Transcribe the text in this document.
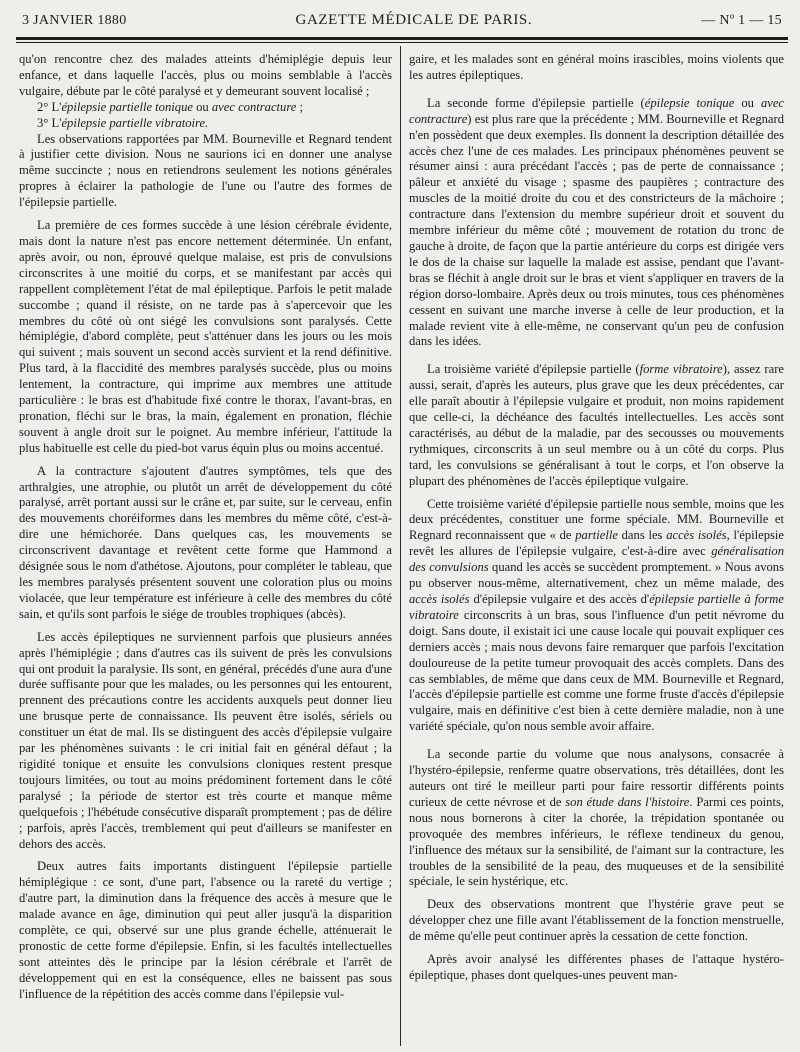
3 JANVIER 1880	GAZETTE MÉDICALE DE PARIS.	— Nº 1 — 15

qu'on rencontre chez des malades atteints d'hémiplégie depuis leur enfance, et dans laquelle l'accès, plus ou moins semblable à l'accès vulgaire, débute par le côté paralysé et y demeurant souvent localisé ;

2° L'épilepsie partielle tonique ou avec contracture ;

3° L'épilepsie partielle vibratoire.

Les observations rapportées par MM. Bourneville et Regnard tendent à justifier cette division. Nous ne saurions ici en donner une analyse même succincte ; nous en retiendrons seulement les notions générales propres à éclairer la pathologie de l'une ou l'autre des formes de l'épilepsie partielle.

La première de ces formes succède à une lésion cérébrale évidente, mais dont la nature n'est pas encore nettement déterminée. Un enfant, après avoir, ou non, éprouvé quelque malaise, est pris de convulsions circonscrites à une moitié du corps, et se manifestant par accès qui rappellent complètement l'état de mal épileptique. Parfois le petit malade succombe ; quand il résiste, on ne tarde pas à s'apercevoir que les membres du côté où ont siégé les convulsions sont paralysés. Cette hémiplégie, d'abord complète, peut s'atténuer dans les jours ou les mois qui suivent ; mais souvent un second accès survient et la rend définitive. Plus tard, à la flaccidité des membres paralysés succède, plus ou moins lentement, la contracture, qui imprime aux membres une attitude particulière : le bras est d'habitude fixé contre le thorax, l'avant-bras, en pronation, fléchi sur le bras, la main, également en pronation, fléchie souvent à angle droit sur le poignet. Au membre inférieur, l'attitude la plus habituelle est celle du pied-bot varus équin plus ou moins accentué.

A la contracture s'ajoutent d'autres symptômes, tels que des arthralgies, une atrophie, ou plutôt un arrêt de développement du côté paralysé, arrêt portant aussi sur le crâne et, par suite, sur le cerveau, enfin des mouvements choréiformes dans les membres du même côté, c'est-à-dire une hémichorée. Dans quelques cas, les mouvements se circonscrivent davantage et revêtent cette forme que Hammond a désignée sous le nom d'athétose. Ajoutons, pour compléter le tableau, que les membres paralysés présentent souvent une coloration plus ou moins violacée, que leur température est inférieure à celle des membres du côté sain, et qu'ils sont parfois le siége de troubles trophiques (abcès).

Les accès épileptiques ne surviennent parfois que plusieurs années après l'hémiplégie ; dans d'autres cas ils suivent de près les convulsions qui ont produit la paralysie. Ils sont, en général, précédés d'une aura d'une durée suffisante pour que les malades, ou les personnes qui les entourent, prennent des précautions contre les accidents auxquels peut donner lieu une brusque perte de connaissance. Ils peuvent être isolés, sériels ou constituer un état de mal. Ils se distinguent des accès d'épilepsie vulgaire par les phénomènes suivants : le cri initial fait en général défaut ; la rigidité tonique et ensuite les convulsions cloniques restent presque toujours limitées, ou tout au moins prédominent fortement dans le côté paralysé ; la période de stertor est très courte et manque même quelquefois ; l'hébétude consécutive disparaît promptement ; pas de délire ; parfois, après l'accès, tremblement qui peut d'ailleurs se manifester en dehors des accès.

Deux autres faits importants distinguent l'épilepsie partielle hémiplégique : ce sont, d'une part, l'absence ou la rareté du vertige ; d'autre part, la diminution dans la fréquence des accès à mesure que le malade avance en âge, diminution qui peut aller jusqu'à la disparition complète, ce qui, observé sur une plus grande échelle, atténuerait le pronostic de cette forme d'épilepsie. Enfin, si les facultés intellectuelles sont atteintes dès le principe par la lésion cérébrale et l'arrêt de développement qui en est la conséquence, elles ne baissent pas sous l'influence de la répétition des accès comme dans l'épilepsie vul-

gaire, et les malades sont en général moins irascibles, moins violents que les autres épileptiques.

La seconde forme d'épilepsie partielle (épilepsie tonique ou avec contracture) est plus rare que la précédente ; MM. Bourneville et Regnard n'en possèdent que deux exemples. Ils donnent la description détaillée des accès chez l'une de ces malades. Les principaux phénomènes peuvent se résumer ainsi : aura précédant l'accès ; pas de perte de connaissance ; pâleur et anxiété du visage ; spasme des paupières ; contracture des muscles de la moitié droite du cou et des constricteurs de la mâchoire ; contracture dans l'extension du membre supérieur droit et souvent du membre inférieur du même côté ; mouvement de rotation du tronc de gauche à droite, de façon que la partie antérieure du corps est dirigée vers le dos de la chaise sur laquelle la malade est assise, pendant que l'avant-bras se fléchit à angle droit sur le bras et vient s'appliquer en travers de la région dorso-lombaire. Après deux ou trois minutes, tous ces phénomènes cessent en suivant une marche inverse à celle de leur production, et la malade revient vite à elle-même, ne conservant qu'un peu de confusion dans les idées.

La troisième variété d'épilepsie partielle (forme vibratoire), assez rare aussi, serait, d'après les auteurs, plus grave que les deux précédentes, car elle paraît aboutir à l'épilepsie vulgaire et produit, non moins rapidement que celle-ci, la déchéance des facultés intellectuelles. Les accès sont caractérisés, au début de la maladie, par des secousses ou mouvements rythmiques, circonscrits à un seul membre ou à un côté du corps. Plus tard, les convulsions se généralisant à tout le corps, et l'on observe la plupart des phénomènes de l'accès épileptique vulgaire.

Cette troisième variété d'épilepsie partielle nous semble, moins que les deux précédentes, constituer une forme spéciale. MM. Bourneville et Regnard reconnaissent que « de partielle dans les accès isolés, l'épilepsie revêt les allures de l'épilepsie vulgaire, c'est-à-dire avec généralisation des convulsions quand les accès se succèdent promptement. » Nous avons pu observer nous-même, alternativement, chez un même malade, des accès isolés d'épilepsie vulgaire et des accès d'épilepsie partielle à forme vibratoire circonscrits à un bras, sous l'influence d'un petit névrome du doigt. Sans doute, il existait ici une cause locale qui pouvait expliquer ces derniers accès ; mais nous devons faire remarquer que parfois l'excitation douloureuse de la petite tumeur provoquait des accès complets. Dans des cas semblables, de même que dans ceux de MM. Bourneville et Regnard, l'accès d'épilepsie partielle est comme une forme fruste d'accès d'épilepsie vulgaire, mais en définitive c'est bien à cette dernière maladie, non à une variété spéciale, qu'on nous semble avoir affaire.

La seconde partie du volume que nous analysons, consacrée à l'hystéro-épilepsie, renferme quatre observations, très détaillées, dont les auteurs ont tiré le meilleur parti pour faire ressortir différents points curieux de cette névrose et de son étude dans l'histoire. Parmi ces points, nous nous bornerons à citer la chorée, la trépidation spontanée ou provoquée des membres inférieurs, le réflexe tendineux du genou, l'influence des métaux sur la sensibilité, de l'aimant sur la contracture, les troubles de la sensibilité de la peau, des muqueuses et de la sensibilité spéciale, le sein hystérique, etc.

Deux des observations montrent que l'hystérie grave peut se développer chez une fille avant l'établissement de la fonction menstruelle, de même qu'elle peut continuer après la cessation de cette fonction.

Après avoir analysé les différentes phases de l'attaque hystéro-épileptique, phases dont quelques-unes peuvent man-
